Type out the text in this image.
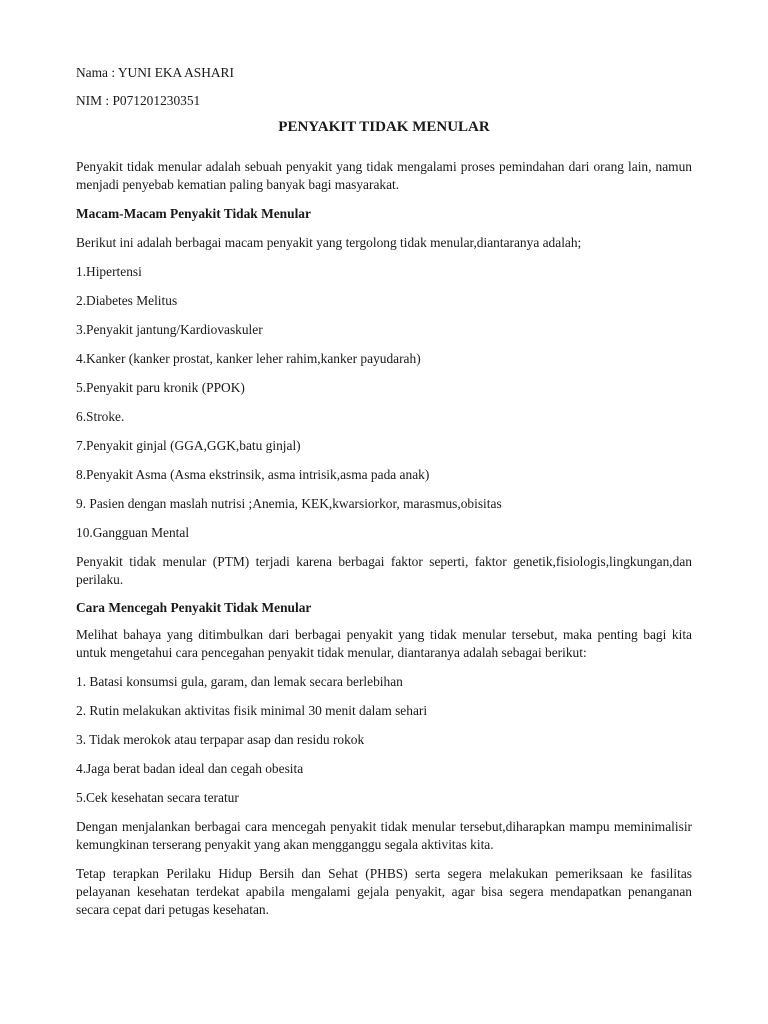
Nama : YUNI EKA ASHARI

NIM : P071201230351

PENYAKIT TIDAK MENULAR

Penyakit tidak menular adalah sebuah penyakit yang tidak mengalami proses pemindahan dari orang lain, namun menjadi penyebab kematian paling banyak bagi masyarakat.

Macam-Macam Penyakit Tidak Menular

Berikut ini adalah berbagai macam penyakit yang tergolong tidak menular,diantaranya adalah;

1.Hipertensi

2.Diabetes Melitus

3.Penyakit jantung/Kardiovaskuler

4.Kanker (kanker prostat, kanker leher rahim,kanker payudarah)

5.Penyakit paru kronik (PPOK)

6.Stroke.

7.Penyakit ginjal (GGA,GGK,batu ginjal)

8.Penyakit Asma (Asma ekstrinsik, asma intrisik,asma pada anak)

9. Pasien dengan maslah nutrisi ;Anemia, KEK,kwarsiorkor, marasmus,obisitas

10.Gangguan Mental

Penyakit tidak menular (PTM) terjadi karena berbagai faktor seperti, faktor genetik,fisiologis,lingkungan,dan perilaku.

Cara Mencegah Penyakit Tidak Menular

Melihat bahaya yang ditimbulkan dari berbagai penyakit yang tidak menular tersebut, maka penting bagi kita untuk mengetahui cara pencegahan penyakit tidak menular, diantaranya adalah sebagai berikut:

1. Batasi konsumsi gula, garam, dan lemak secara berlebihan

2. Rutin melakukan aktivitas fisik minimal 30 menit dalam sehari

3. Tidak merokok atau terpapar asap dan residu rokok

4.Jaga berat badan ideal dan cegah obesita

5.Cek kesehatan secara teratur

Dengan menjalankan berbagai cara mencegah penyakit tidak menular tersebut,diharapkan mampu meminimalisir kemungkinan terserang penyakit yang akan mengganggu segala aktivitas kita.

Tetap terapkan Perilaku Hidup Bersih dan Sehat (PHBS) serta segera melakukan pemeriksaan ke fasilitas pelayanan kesehatan terdekat apabila mengalami gejala penyakit, agar bisa segera mendapatkan penanganan secara cepat dari petugas kesehatan.
